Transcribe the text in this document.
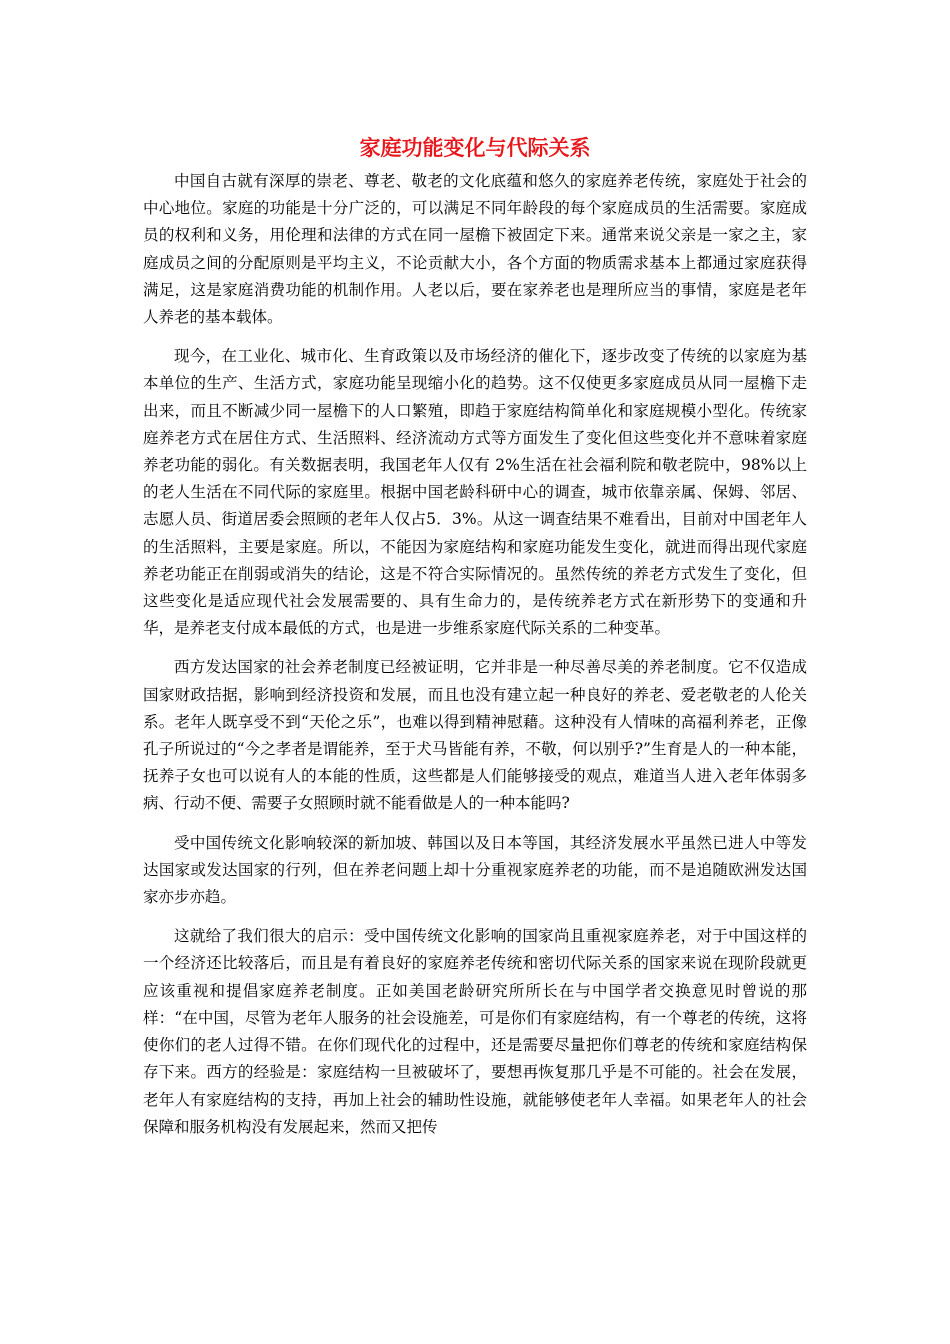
家庭功能变化与代际关系

中国自古就有深厚的崇老、尊老、敬老的文化底蕴和悠久的家庭养老传统，家庭处于社会的中心地位。家庭的功能是十分广泛的，可以满足不同年龄段的每个家庭成员的生活需要。家庭成员的权利和义务，用伦理和法律的方式在同一屋檐下被固定下来。通常来说父亲是一家之主，家庭成员之间的分配原则是平均主义，不论贡献大小，各个方面的物质需求基本上都通过家庭获得满足，这是家庭消费功能的机制作用。人老以后，要在家养老也是理所应当的事情，家庭是老年人养老的基本载体。

现今，在工业化、城市化、生育政策以及市场经济的催化下，逐步改变了传统的以家庭为基本单位的生产、生活方式，家庭功能呈现缩小化的趋势。这不仅使更多家庭成员从同一屋檐下走出来，而且不断减少同一屋檐下的人口繁殖，即趋于家庭结构简单化和家庭规模小型化。传统家庭养老方式在居住方式、生活照料、经济流动方式等方面发生了变化但这些变化并不意味着家庭养老功能的弱化。有关数据表明，我国老年人仅有 2%生活在社会福利院和敬老院中，98%以上的老人生活在不同代际的家庭里。根据中国老龄科研中心的调查，城市依靠亲属、保姆、邻居、志愿人员、街道居委会照顾的老年人仅占5．3%。从这一调查结果不难看出，目前对中国老年人的生活照料，主要是家庭。所以，不能因为家庭结构和家庭功能发生变化，就进而得出现代家庭养老功能正在削弱或消失的结论，这是不符合实际情况的。虽然传统的养老方式发生了变化，但这些变化是适应现代社会发展需要的、具有生命力的，是传统养老方式在新形势下的变通和升华，是养老支付成本最低的方式，也是进一步维系家庭代际关系的二种变革。

西方发达国家的社会养老制度已经被证明，它并非是一种尽善尽美的养老制度。它不仅造成国家财政拮据，影响到经济投资和发展，而且也没有建立起一种良好的养老、爱老敬老的人伦关系。老年人既享受不到“天伦之乐”，也难以得到精神慰藉。这种没有人情味的高福利养老，正像孔子所说过的“今之孝者是谓能养，至于犬马皆能有养，不敬，何以别乎?”生育是人的一种本能，抚养子女也可以说有人的本能的性质，这些都是人们能够接受的观点，难道当人进入老年体弱多病、行动不便、需要子女照顾时就不能看做是人的一种本能吗?

受中国传统文化影响较深的新加坡、韩国以及日本等国，其经济发展水平虽然已进人中等发达国家或发达国家的行列，但在养老问题上却十分重视家庭养老的功能，而不是追随欧洲发达国家亦步亦趋。

这就给了我们很大的启示：受中国传统文化影响的国家尚且重视家庭养老，对于中国这样的一个经济还比较落后，而且是有着良好的家庭养老传统和密切代际关系的国家来说在现阶段就更应该重视和提倡家庭养老制度。正如美国老龄研究所所长在与中国学者交换意见时曾说的那样：“在中国，尽管为老年人服务的社会设施差，可是你们有家庭结构，有一个尊老的传统，这将使你们的老人过得不错。在你们现代化的过程中，还是需要尽量把你们尊老的传统和家庭结构保存下来。西方的经验是：家庭结构一旦被破坏了，要想再恢复那几乎是不可能的。社会在发展，老年人有家庭结构的支持，再加上社会的辅助性设施，就能够使老年人幸福。如果老年人的社会保障和服务机构没有发展起来，然而又把传
